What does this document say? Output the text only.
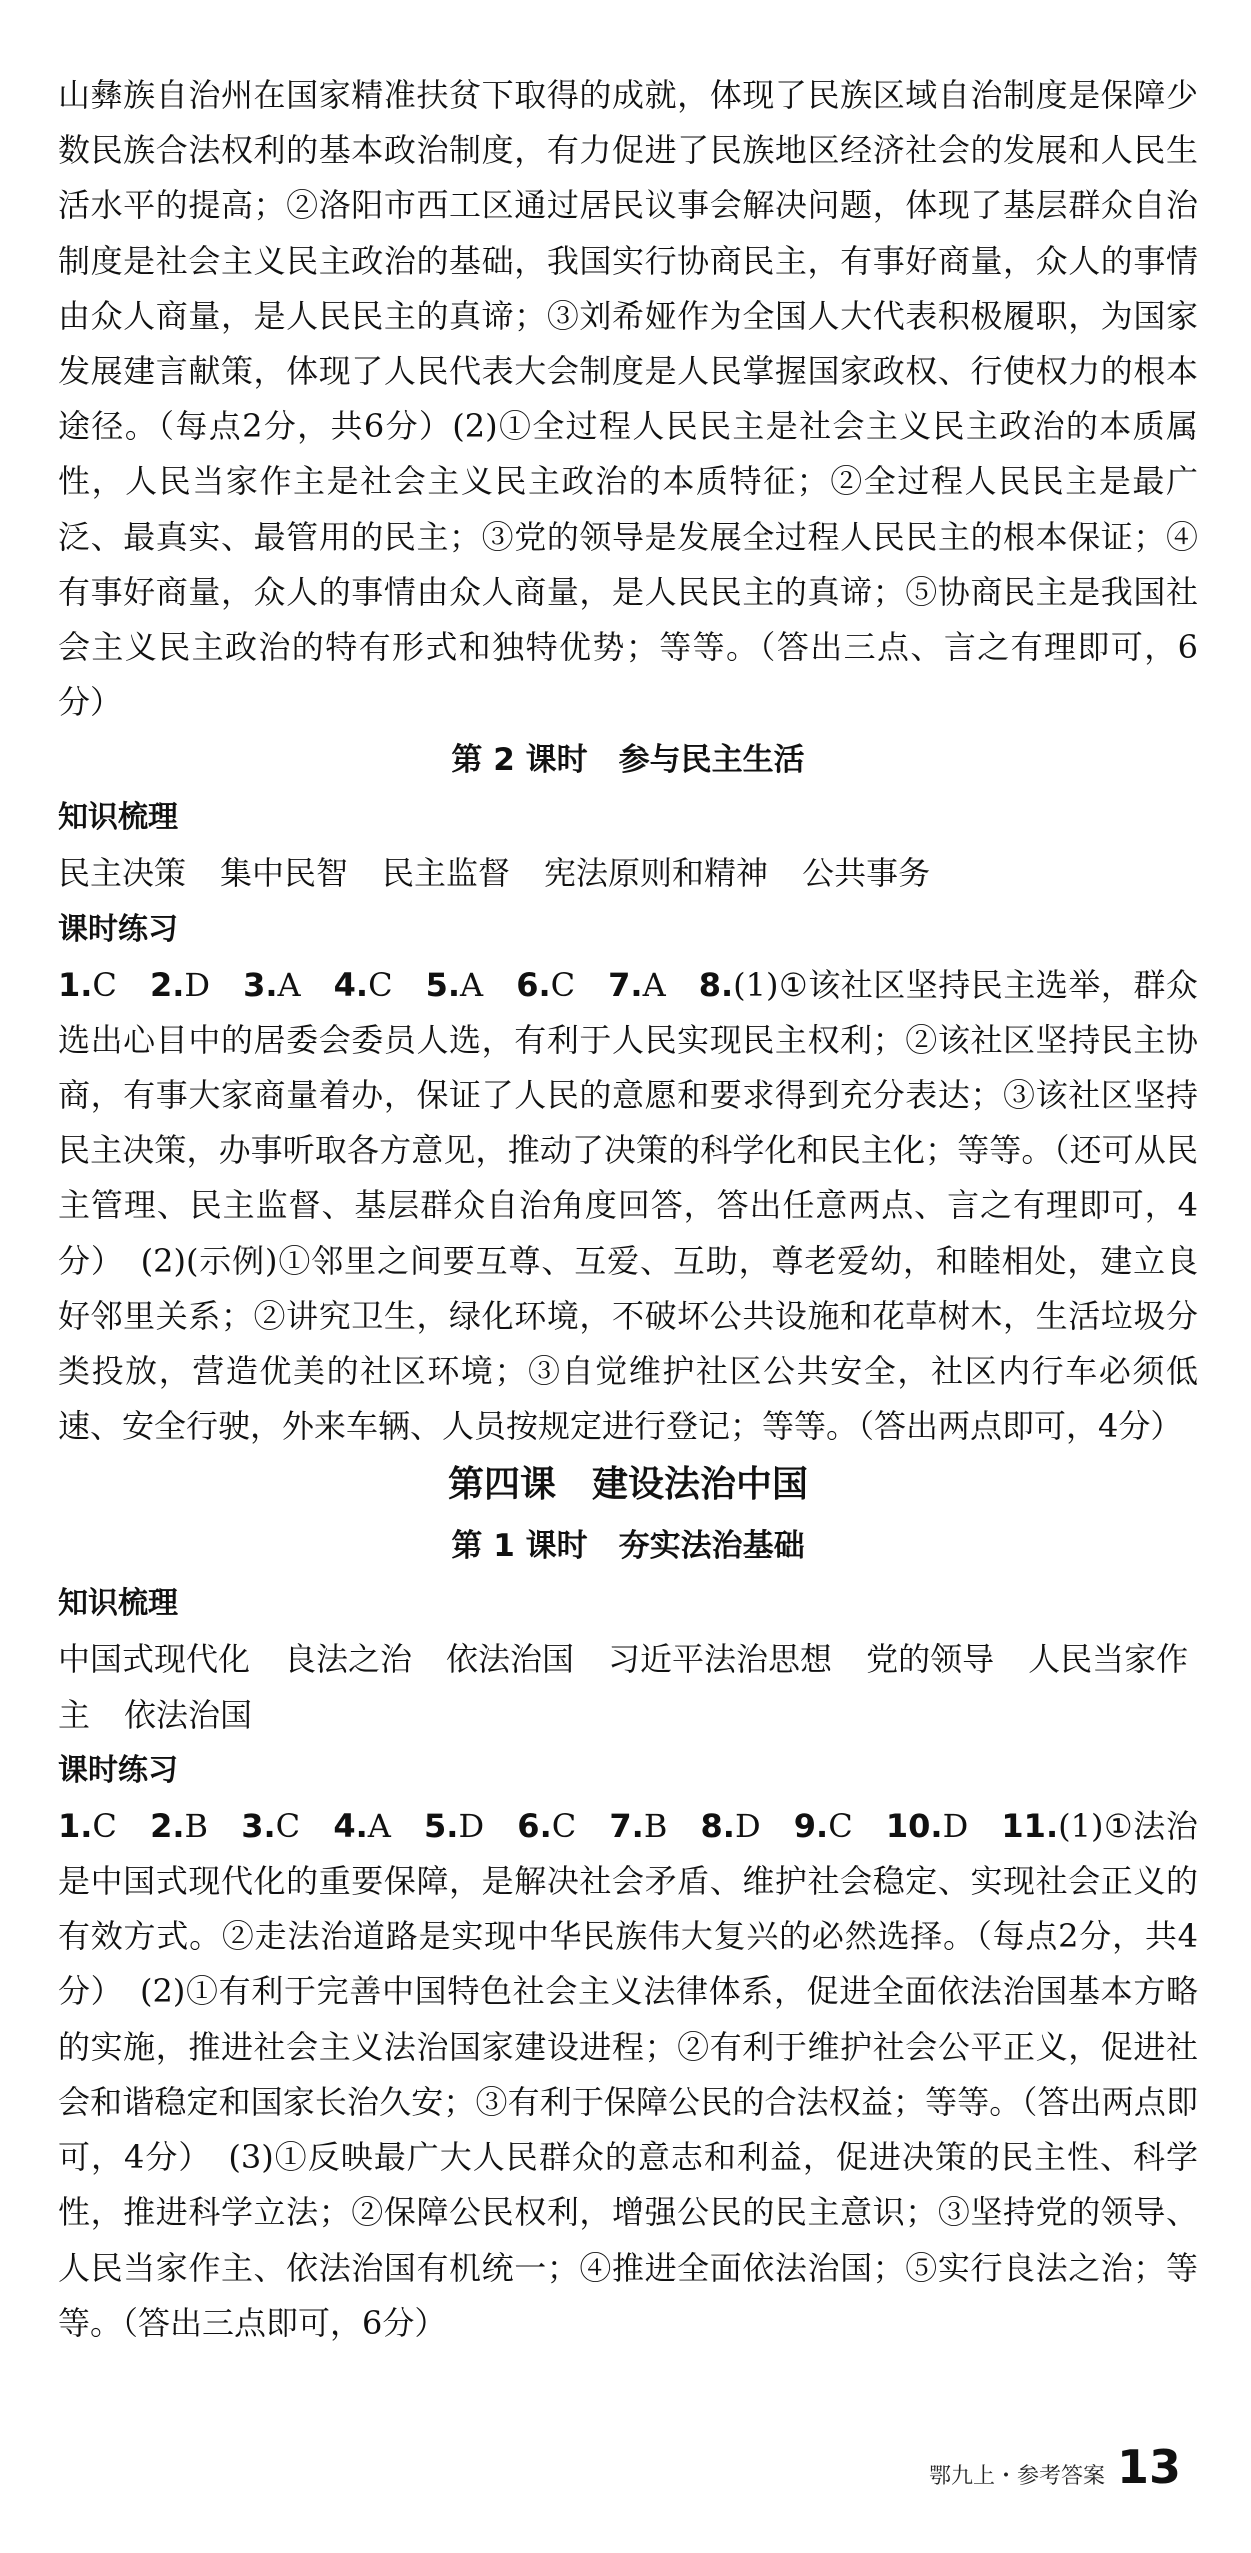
山彝族自治州在国家精准扶贫下取得的成就，体现了民族区域自治制度是保障少数民族合法权利的基本政治制度，有力促进了民族地区经济社会的发展和人民生活水平的提高；②洛阳市西工区通过居民议事会解决问题，体现了基层群众自治制度是社会主义民主政治的基础，我国实行协商民主，有事好商量，众人的事情由众人商量，是人民民主的真谛；③刘希娅作为全国人大代表积极履职，为国家发展建言献策，体现了人民代表大会制度是人民掌握国家政权、行使权力的根本途径。（每点2分，共6分）(2)①全过程人民民主是社会主义民主政治的本质属性，人民当家作主是社会主义民主政治的本质特征；②全过程人民民主是最广泛、最真实、最管用的民主；③党的领导是发展全过程人民民主的根本保证；④有事好商量，众人的事情由众人商量，是人民民主的真谛；⑤协商民主是我国社会主义民主政治的特有形式和独特优势；等等。（答出三点、言之有理即可，6分）

第 2 课时　参与民主生活

知识梳理

民主决策 集中民智 民主监督 宪法原则和精神 公共事务

课时练习

1.C　 2.D　 3.A　 4.C　 5.A　 6.C　 7.A　 8.(1)①该社区坚持民主选举，群众选出心目中的居委会委员人选，有利于人民实现民主权利；②该社区坚持民主协商，有事大家商量着办，保证了人民的意愿和要求得到充分表达；③该社区坚持民主决策，办事听取各方意见，推动了决策的科学化和民主化；等等。（还可从民主管理、民主监督、基层群众自治角度回答，答出任意两点、言之有理即可，4分）　(2)(示例)①邻里之间要互尊、互爱、互助，尊老爱幼，和睦相处，建立良好邻里关系；②讲究卫生，绿化环境，不破坏公共设施和花草树木，生活垃圾分类投放，营造优美的社区环境；③自觉维护社区公共安全，社区内行车必须低速、安全行驶，外来车辆、人员按规定进行登记；等等。（答出两点即可，4分）

第四课　建设法治中国
第 1 课时　夯实法治基础

知识梳理

中国式现代化 良法之治 依法治国 习近平法治思想 党的领导 人民当家作主 依法治国

课时练习

1.C　 2.B　 3.C　 4.A　 5.D　 6.C　 7.B　 8.D　 9.C　 10.D　 11.(1)①法治是中国式现代化的重要保障，是解决社会矛盾、维护社会稳定、实现社会正义的有效方式。②走法治道路是实现中华民族伟大复兴的必然选择。（每点2分，共4分）　(2)①有利于完善中国特色社会主义法律体系，促进全面依法治国基本方略的实施，推进社会主义法治国家建设进程；②有利于维护社会公平正义，促进社会和谐稳定和国家长治久安；③有利于保障公民的合法权益；等等。（答出两点即可，4分）　(3)①反映最广大人民群众的意志和利益，促进决策的民主性、科学性，推进科学立法；②保障公民权利，增强公民的民主意识；③坚持党的领导、人民当家作主、依法治国有机统一；④推进全面依法治国；⑤实行良法之治；等等。（答出三点即可，6分）

鄂九上・参考答案 13
